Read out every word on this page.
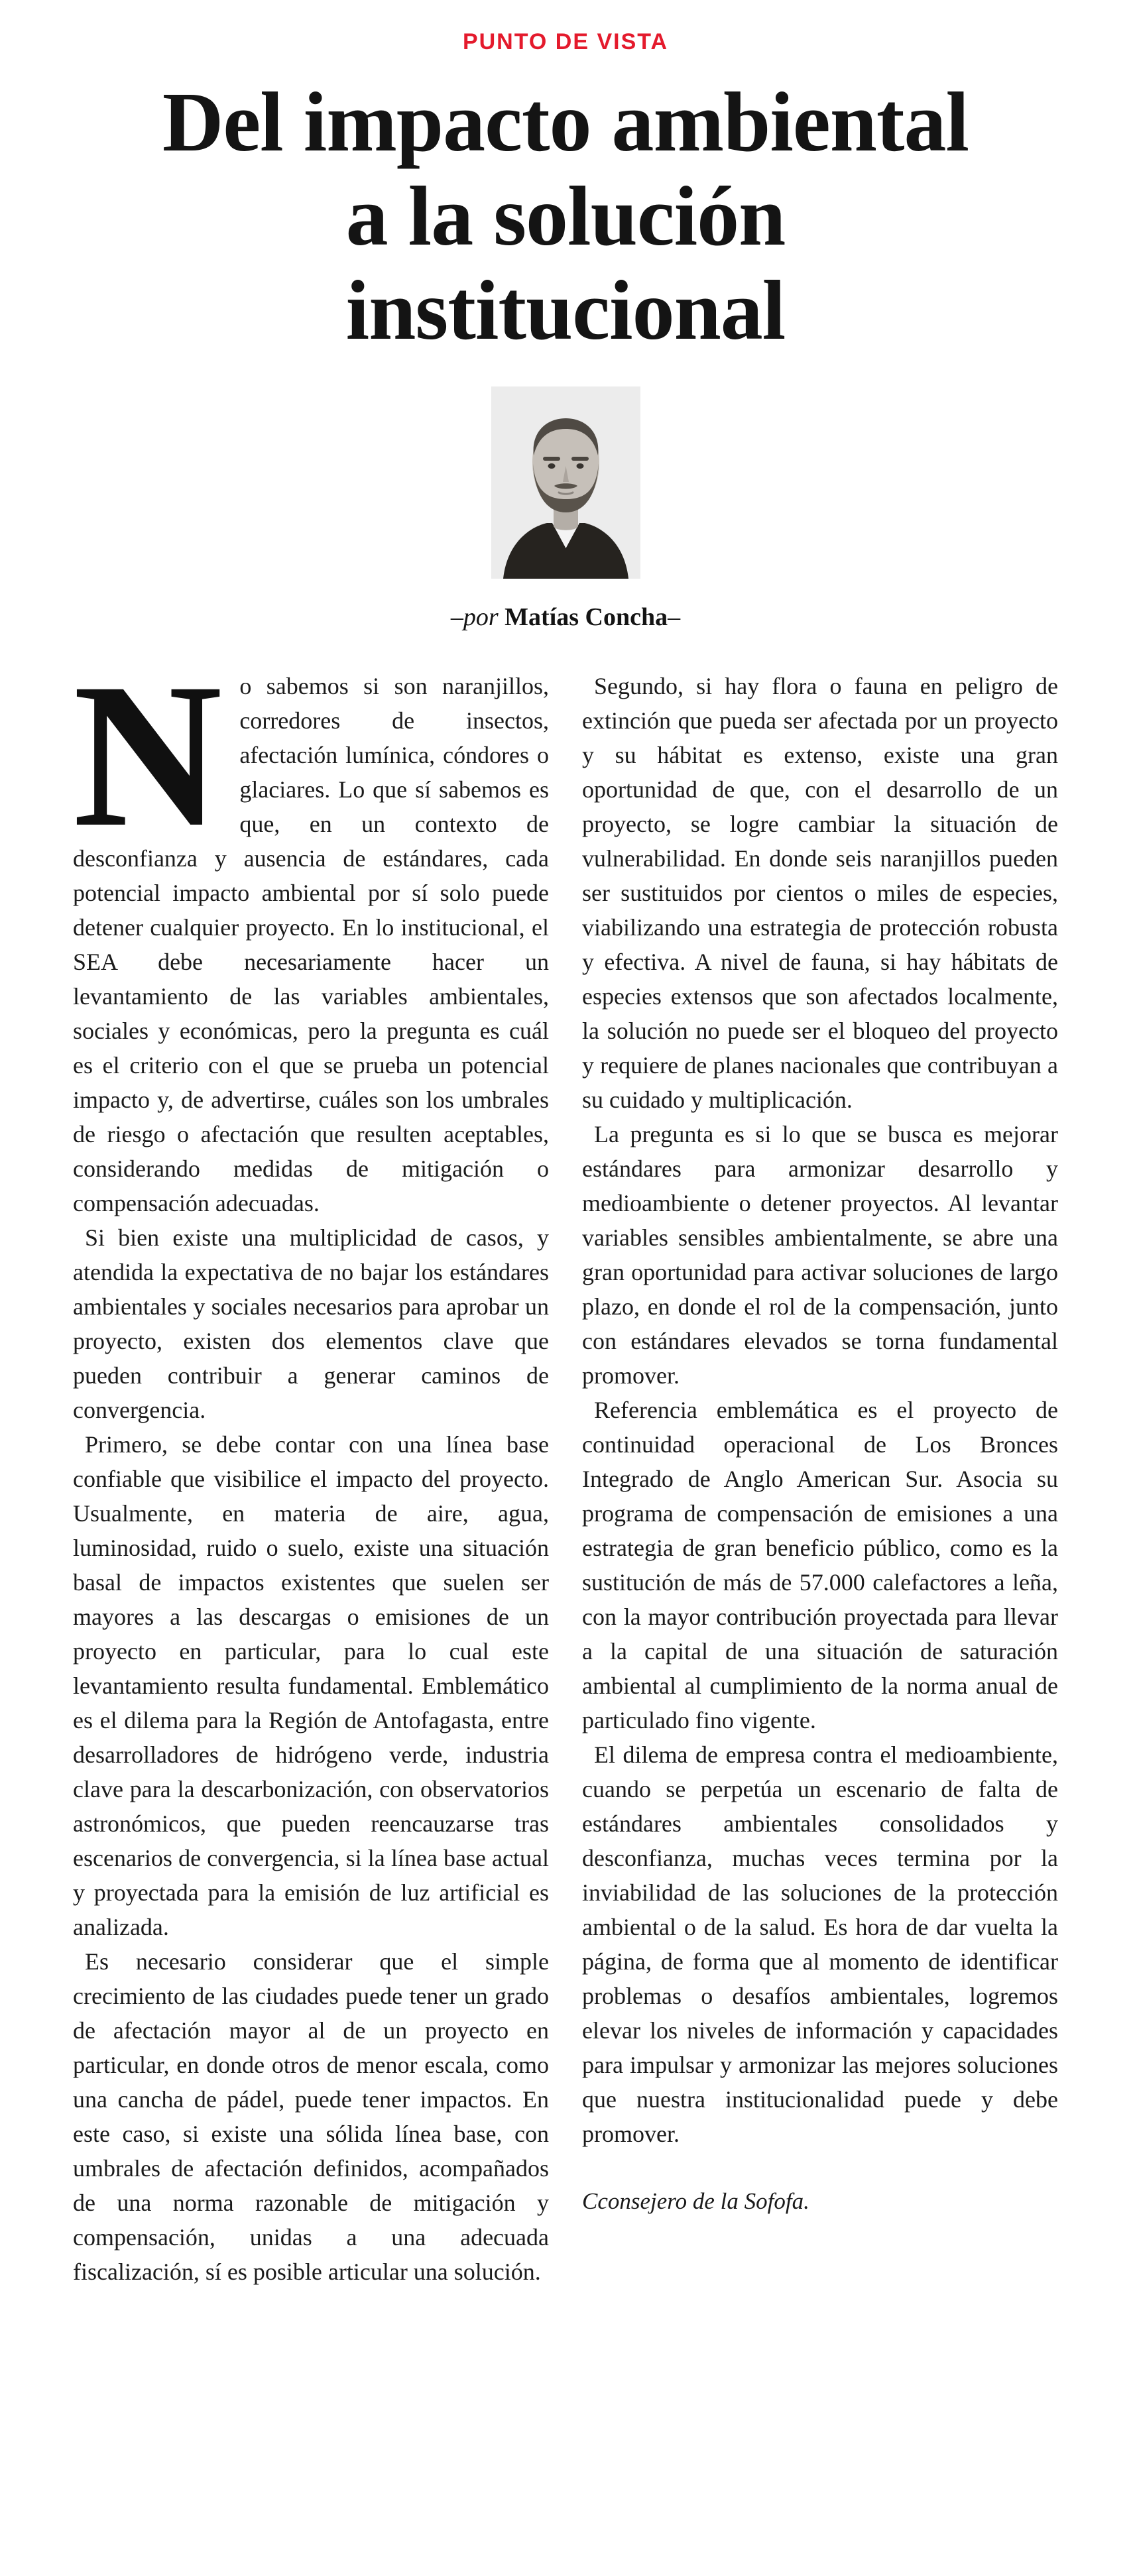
PUNTO DE VISTA
Del impacto ambiental
a la solución
institucional
–por Matías Concha–

No sabemos si son naranjillos, corredores de insectos, afectación lumínica, cóndores o glaciares. Lo que sí sabemos es que, en un contexto de desconfianza y ausencia de estándares, cada potencial impacto ambiental por sí solo puede detener cualquier proyecto. En lo institucional, el SEA debe necesariamente hacer un levantamiento de las variables ambientales, sociales y económicas, pero la pregunta es cuál es el criterio con el que se prueba un potencial impacto y, de advertirse, cuáles son los umbrales de riesgo o afectación que resulten aceptables, considerando medidas de mitigación o compensación adecuadas.

Si bien existe una multiplicidad de casos, y atendida la expectativa de no bajar los estándares ambientales y sociales necesarios para aprobar un proyecto, existen dos elementos clave que pueden contribuir a generar caminos de convergencia.

Primero, se debe contar con una línea base confiable que visibilice el impacto del proyecto. Usualmente, en materia de aire, agua, luminosidad, ruido o suelo, existe una situación basal de impactos existentes que suelen ser mayores a las descargas o emisiones de un proyecto en particular, para lo cual este levantamiento resulta fundamental. Emblemático es el dilema para la Región de Antofagasta, entre desarrolladores de hidrógeno verde, industria clave para la descarbonización, con observatorios astronómicos, que pueden reencauzarse tras escenarios de convergencia, si la línea base actual y proyectada para la emisión de luz artificial es analizada.

Es necesario considerar que el simple crecimiento de las ciudades puede tener un grado de afectación mayor al de un proyecto en particular, en donde otros de menor escala, como una cancha de pádel, puede tener impactos. En este caso, si existe una sólida línea base, con umbrales de afectación definidos, acompañados de una norma razonable de mitigación y compensación, unidas a una adecuada fiscalización, sí es posible articular una solución.

Segundo, si hay flora o fauna en peligro de extinción que pueda ser afectada por un proyecto y su hábitat es extenso, existe una gran oportunidad de que, con el desarrollo de un proyecto, se logre cambiar la situación de vulnerabilidad. En donde seis naranjillos pueden ser sustituidos por cientos o miles de especies, viabilizando una estrategia de protección robusta y efectiva. A nivel de fauna, si hay hábitats de especies extensos que son afectados localmente, la solución no puede ser el bloqueo del proyecto y requiere de planes nacionales que contribuyan a su cuidado y multiplicación.

La pregunta es si lo que se busca es mejorar estándares para armonizar desarrollo y medioambiente o detener proyectos. Al levantar variables sensibles ambientalmente, se abre una gran oportunidad para activar soluciones de largo plazo, en donde el rol de la compensación, junto con estándares elevados se torna fundamental promover.

Referencia emblemática es el proyecto de continuidad operacional de Los Bronces Integrado de Anglo American Sur. Asocia su programa de compensación de emisiones a una estrategia de gran beneficio público, como es la sustitución de más de 57.000 calefactores a leña, con la mayor contribución proyectada para llevar a la capital de una situación de saturación ambiental al cumplimiento de la norma anual de particulado fino vigente.

El dilema de empresa contra el medioambiente, cuando se perpetúa un escenario de falta de estándares ambientales consolidados y desconfianza, muchas veces termina por la inviabilidad de las soluciones de la protección ambiental o de la salud. Es hora de dar vuelta la página, de forma que al momento de identificar problemas o desafíos ambientales, logremos elevar los niveles de información y capacidades para impulsar y armonizar las mejores soluciones que nuestra institucionalidad puede y debe promover.

Cconsejero de la Sofofa.
